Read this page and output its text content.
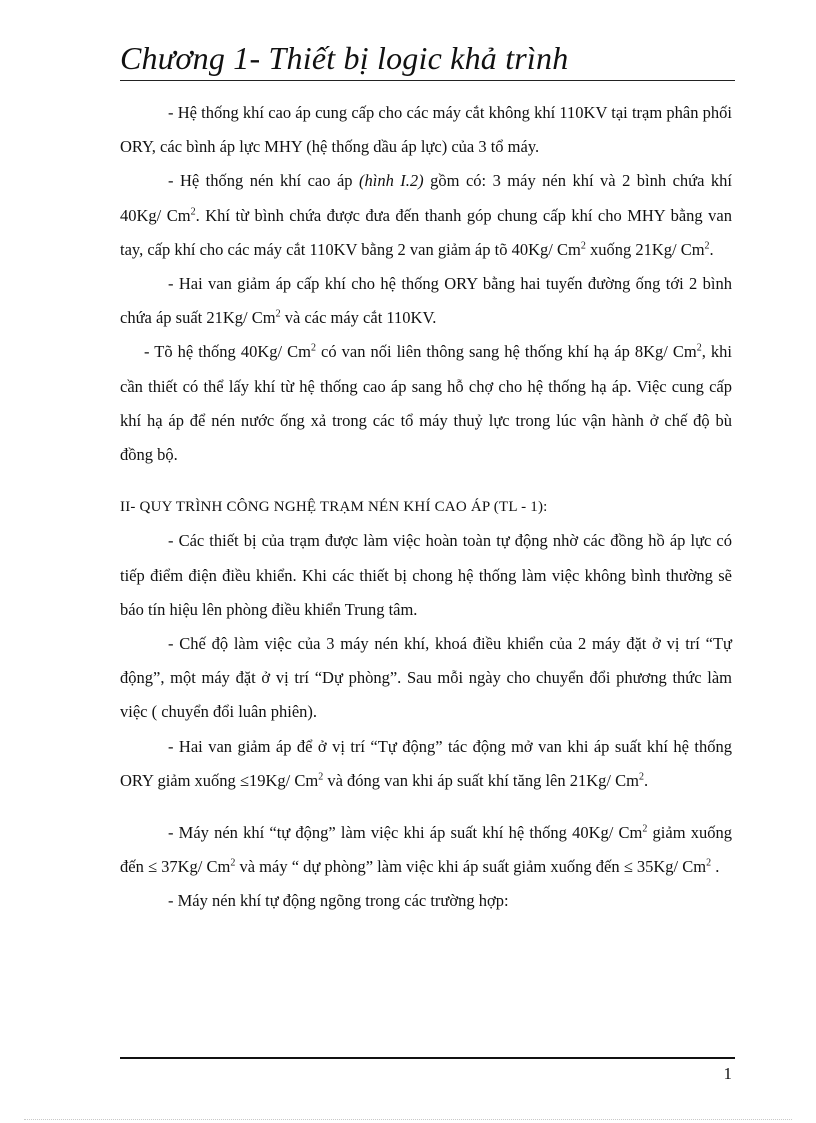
Chương 1- Thiết bị logic khả trình

- Hệ thống khí cao áp cung cấp cho các máy cắt không khí 110KV tại trạm phân phối ORY, các bình áp lực MHY (hệ thống dầu áp lực) của 3 tổ máy.

- Hệ thống nén khí cao áp (hình I.2) gồm có: 3 máy nén khí và 2 bình chứa khí 40Kg/ Cm$^2$. Khí từ bình chứa được đưa đến thanh góp chung cấp khí cho MHY bằng van tay, cấp khí cho các máy cắt 110KV bằng 2 van giảm áp tõ 40Kg/ Cm$^2$ xuống 21Kg/ Cm$^2$.

- Hai van giảm áp cấp khí cho hệ thống ORY bằng hai tuyến đường ống tới 2 bình chứa áp suất 21Kg/ Cm$^2$ và các máy cắt 110KV.

- Tõ hệ thống 40Kg/ Cm$^2$ có van nối liên thông sang hệ thống khí hạ áp 8Kg/ Cm$^2$, khi cần thiết có thể lấy khí từ hệ thống cao áp sang hỗ chợ cho hệ thống hạ áp. Việc cung cấp khí hạ áp để nén nước ống xả trong các tổ máy thuỷ lực trong lúc vận hành ở chế độ bù đồng bộ.

II- QUY TRÌNH CÔNG NGHỆ TRẠM NÉN KHÍ CAO ÁP (TL - 1):

- Các thiết bị của trạm được làm việc hoàn toàn tự động nhờ các đồng hồ áp lực có tiếp điểm điện điều khiển. Khi các thiết bị chong hệ thống làm việc không bình thường sẽ báo tín hiệu lên phòng điều khiển Trung tâm.

- Chế độ làm việc của 3 máy nén khí, khoá điều khiển của 2 máy đặt ở vị trí “Tự động”, một máy đặt ở vị trí “Dự phòng”. Sau mỗi ngày cho chuyển đổi phương thức làm việc ( chuyển đổi luân phiên).

- Hai van giảm áp để ở vị trí “Tự động” tác động mở van khi áp suất khí hệ thống ORY giảm xuống ≤19Kg/ Cm$^2$ và đóng van khi áp suất khí tăng lên 21Kg/ Cm$^2$.

- Máy nén khí “tự động” làm việc khi áp suất khí hệ thống 40Kg/ Cm$^2$ giảm xuống đến ≤ 37Kg/ Cm$^2$ và máy “ dự phòng” làm việc khi áp suất giảm xuống đến ≤ 35Kg/ Cm$^2$ .

- Máy nén khí tự động ngõng trong các trường hợp:

1
